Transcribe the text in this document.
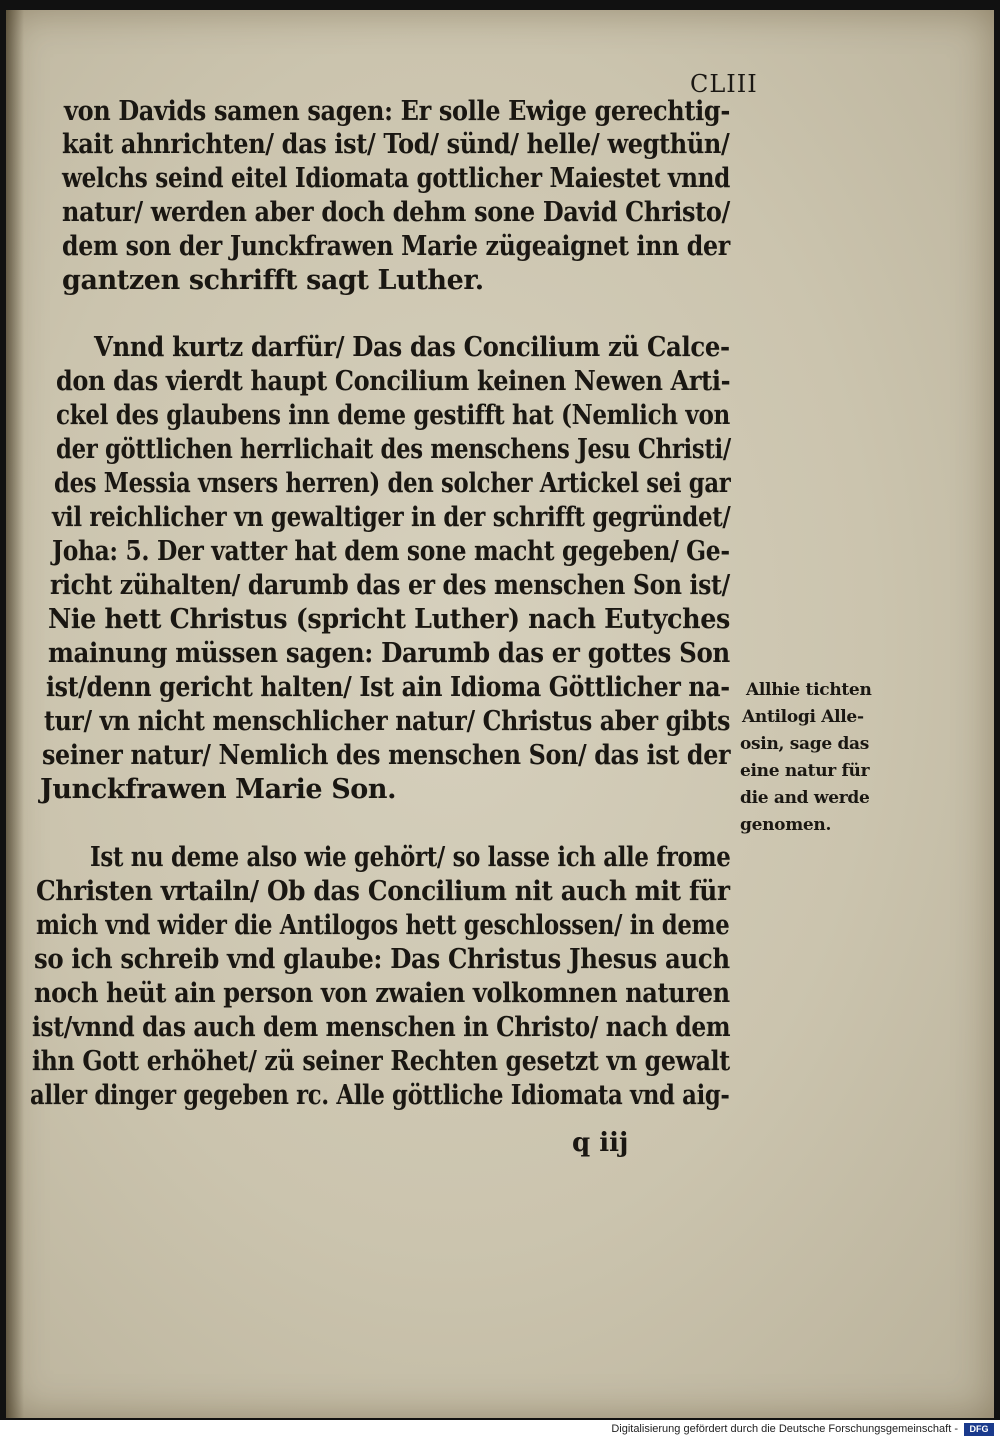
CLIII
von Davids samen sagen: Er solle Ewige gerechtig-
kait ahnrichten/ das ist/ Tod/ sünd/ helle/ wegthün/
welchs seind eitel Idiomata gottlicher Maiestet vnnd
natur/ werden aber doch dehm sone David Christo/
dem son der Junckfrawen Marie zügeaignet inn der
gantzen schrifft sagt Luther.
Vnnd kurtz darfür/ Das das Concilium zü Calce-
don das vierdt haupt Concilium keinen Newen Arti-
ckel des glaubens inn deme gestifft hat (Nemlich von
der göttlichen herrlichait des menschens Jesu Christi/
des Messia vnsers herren) den solcher Artickel sei gar
vil reichlicher vn gewaltiger in der schrifft gegründet/
Joha: 5. Der vatter hat dem sone macht gegeben/ Ge-
richt zühalten/ darumb das er des menschen Son ist/
Nie hett Christus (spricht Luther) nach Eutyches
mainung müssen sagen: Darumb das er gottes Son
ist/denn gericht halten/ Ist ain Idioma Göttlicher na-
tur/ vn nicht menschlicher natur/ Christus aber gibts
seiner natur/ Nemlich des menschen Son/ das ist der
Junckfrawen Marie Son.
Allhie tichten
Antilogi Alle-
osin, sage das
eine natur für
die and werde
genomen.
Ist nu deme also wie gehört/ so lasse ich alle frome
Christen vrtailn/ Ob das Concilium nit auch mit für
mich vnd wider die Antilogos hett geschlossen/ in deme
so ich schreib vnd glaube: Das Christus Jhesus auch
noch heüt ain person von zwaien volkomnen naturen
ist/vnnd das auch dem menschen in Christo/ nach dem
ihn Gott erhöhet/ zü seiner Rechten gesetzt vn gewalt
aller dinger gegeben rc. Alle göttliche Idiomata vnd aig-
q iij
Digitalisierung gefördert durch die Deutsche Forschungsgemeinschaft -	DFG
